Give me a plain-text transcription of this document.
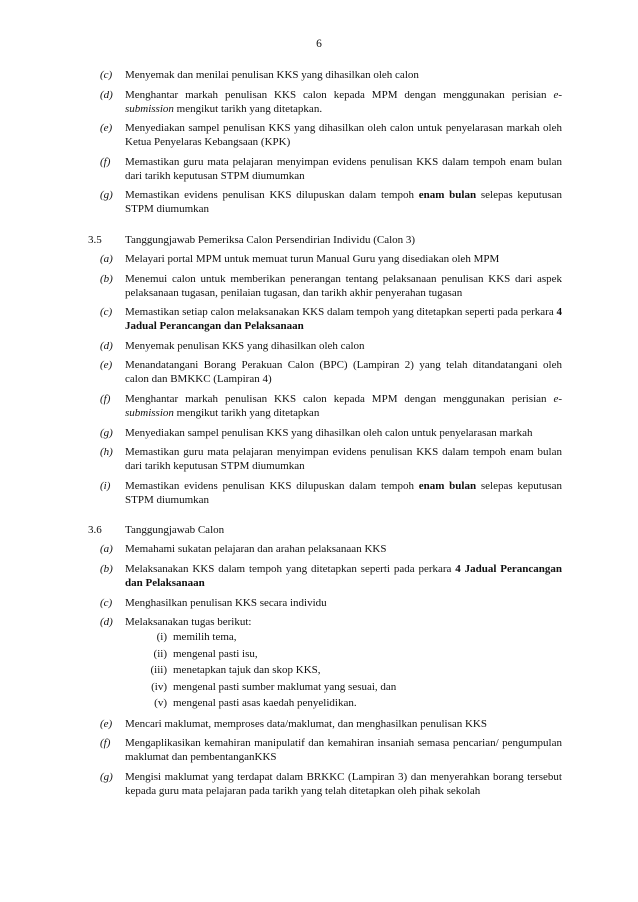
6
(c) Menyemak dan menilai penulisan KKS yang dihasilkan oleh calon
(d) Menghantar markah penulisan KKS calon kepada MPM dengan menggunakan perisian e-submission mengikut tarikh yang ditetapkan.
(e) Menyediakan sampel penulisan KKS yang dihasilkan oleh calon untuk penyelarasan markah oleh Ketua Penyelaras Kebangsaan (KPK)
(f) Memastikan guru mata pelajaran menyimpan evidens penulisan KKS dalam tempoh enam bulan dari tarikh keputusan STPM diumumkan
(g) Memastikan evidens penulisan KKS dilupuskan dalam tempoh enam bulan selepas keputusan STPM diumumkan
3.5 Tanggungjawab Pemeriksa Calon Persendirian Individu (Calon 3)
(a) Melayari portal MPM untuk memuat turun Manual Guru yang disediakan oleh MPM
(b) Menemui calon untuk memberikan penerangan tentang pelaksanaan penulisan KKS dari aspek pelaksanaan tugasan, penilaian tugasan, dan tarikh akhir penyerahan tugasan
(c) Memastikan setiap calon melaksanakan KKS dalam tempoh yang ditetapkan seperti pada perkara 4 Jadual Perancangan dan Pelaksanaan
(d) Menyemak penulisan KKS yang dihasilkan oleh calon
(e) Menandatangani Borang Perakuan Calon (BPC) (Lampiran 2) yang telah ditandatangani oleh calon dan BMKKC (Lampiran 4)
(f) Menghantar markah penulisan KKS calon kepada MPM dengan menggunakan perisian e-submission mengikut tarikh yang ditetapkan
(g) Menyediakan sampel penulisan KKS yang dihasilkan oleh calon untuk penyelarasan markah
(h) Memastikan guru mata pelajaran menyimpan evidens penulisan KKS dalam tempoh enam bulan dari tarikh keputusan STPM diumumkan
(i) Memastikan evidens penulisan KKS dilupuskan dalam tempoh enam bulan selepas keputusan STPM diumumkan
3.6 Tanggungjawab Calon
(a) Memahami sukatan pelajaran dan arahan pelaksanaan KKS
(b) Melaksanakan KKS dalam tempoh yang ditetapkan seperti pada perkara 4 Jadual Perancangan dan Pelaksanaan
(c) Menghasilkan penulisan KKS secara individu
(d) Melaksanakan tugas berikut:
(i) memilih tema,
(ii) mengenal pasti isu,
(iii) menetapkan tajuk dan skop KKS,
(iv) mengenal pasti sumber maklumat yang sesuai, dan
(v) mengenal pasti asas kaedah penyelidikan.
(e) Mencari maklumat, memproses data/maklumat, dan menghasilkan penulisan KKS
(f) Mengaplikasikan kemahiran manipulatif dan kemahiran insaniah semasa pencarian/ pengumpulan maklumat dan pembentanganKKS
(g) Mengisi maklumat yang terdapat dalam BRKKC (Lampiran 3) dan menyerahkan borang tersebut kepada guru mata pelajaran pada tarikh yang telah ditetapkan oleh pihak sekolah
